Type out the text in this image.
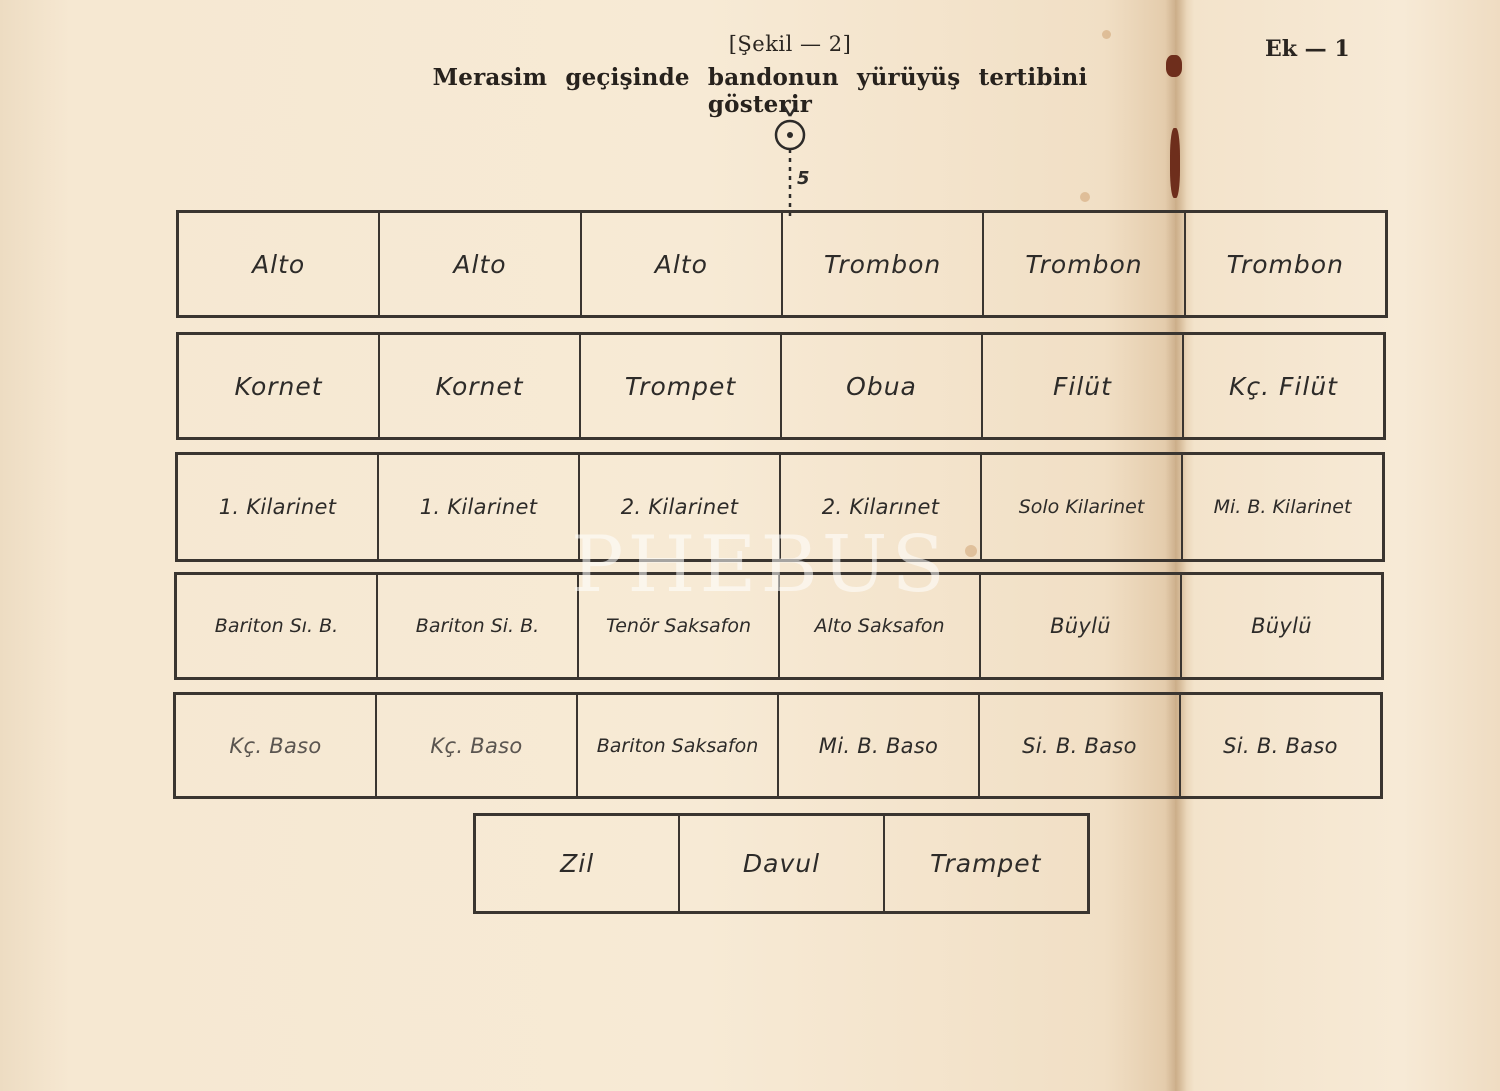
[Şekil — 2]
Merasim geçişinde bandonun yürüyüş tertibini gösterir
Ek — 1
5
Alto	Alto	Alto	Trombon	Trombon	Trombon
Kornet	Kornet	Trompet	Obua	Filüt	Kç. Filüt
1. Kilarinet	1. Kilarinet	2. Kilarinet	2. Kilarınet	Solo Kilarinet	Mi. B. Kilarinet
Bariton Sı. B.	Bariton Si. B.	Tenör Saksafon	Alto Saksafon	Büylü	Büylü
Kç. Baso	Kç. Baso	Bariton Saksafon	Mi. B. Baso	Si. B. Baso	Si. B. Baso
Zil	Davul	Trampet
PHEBUS
